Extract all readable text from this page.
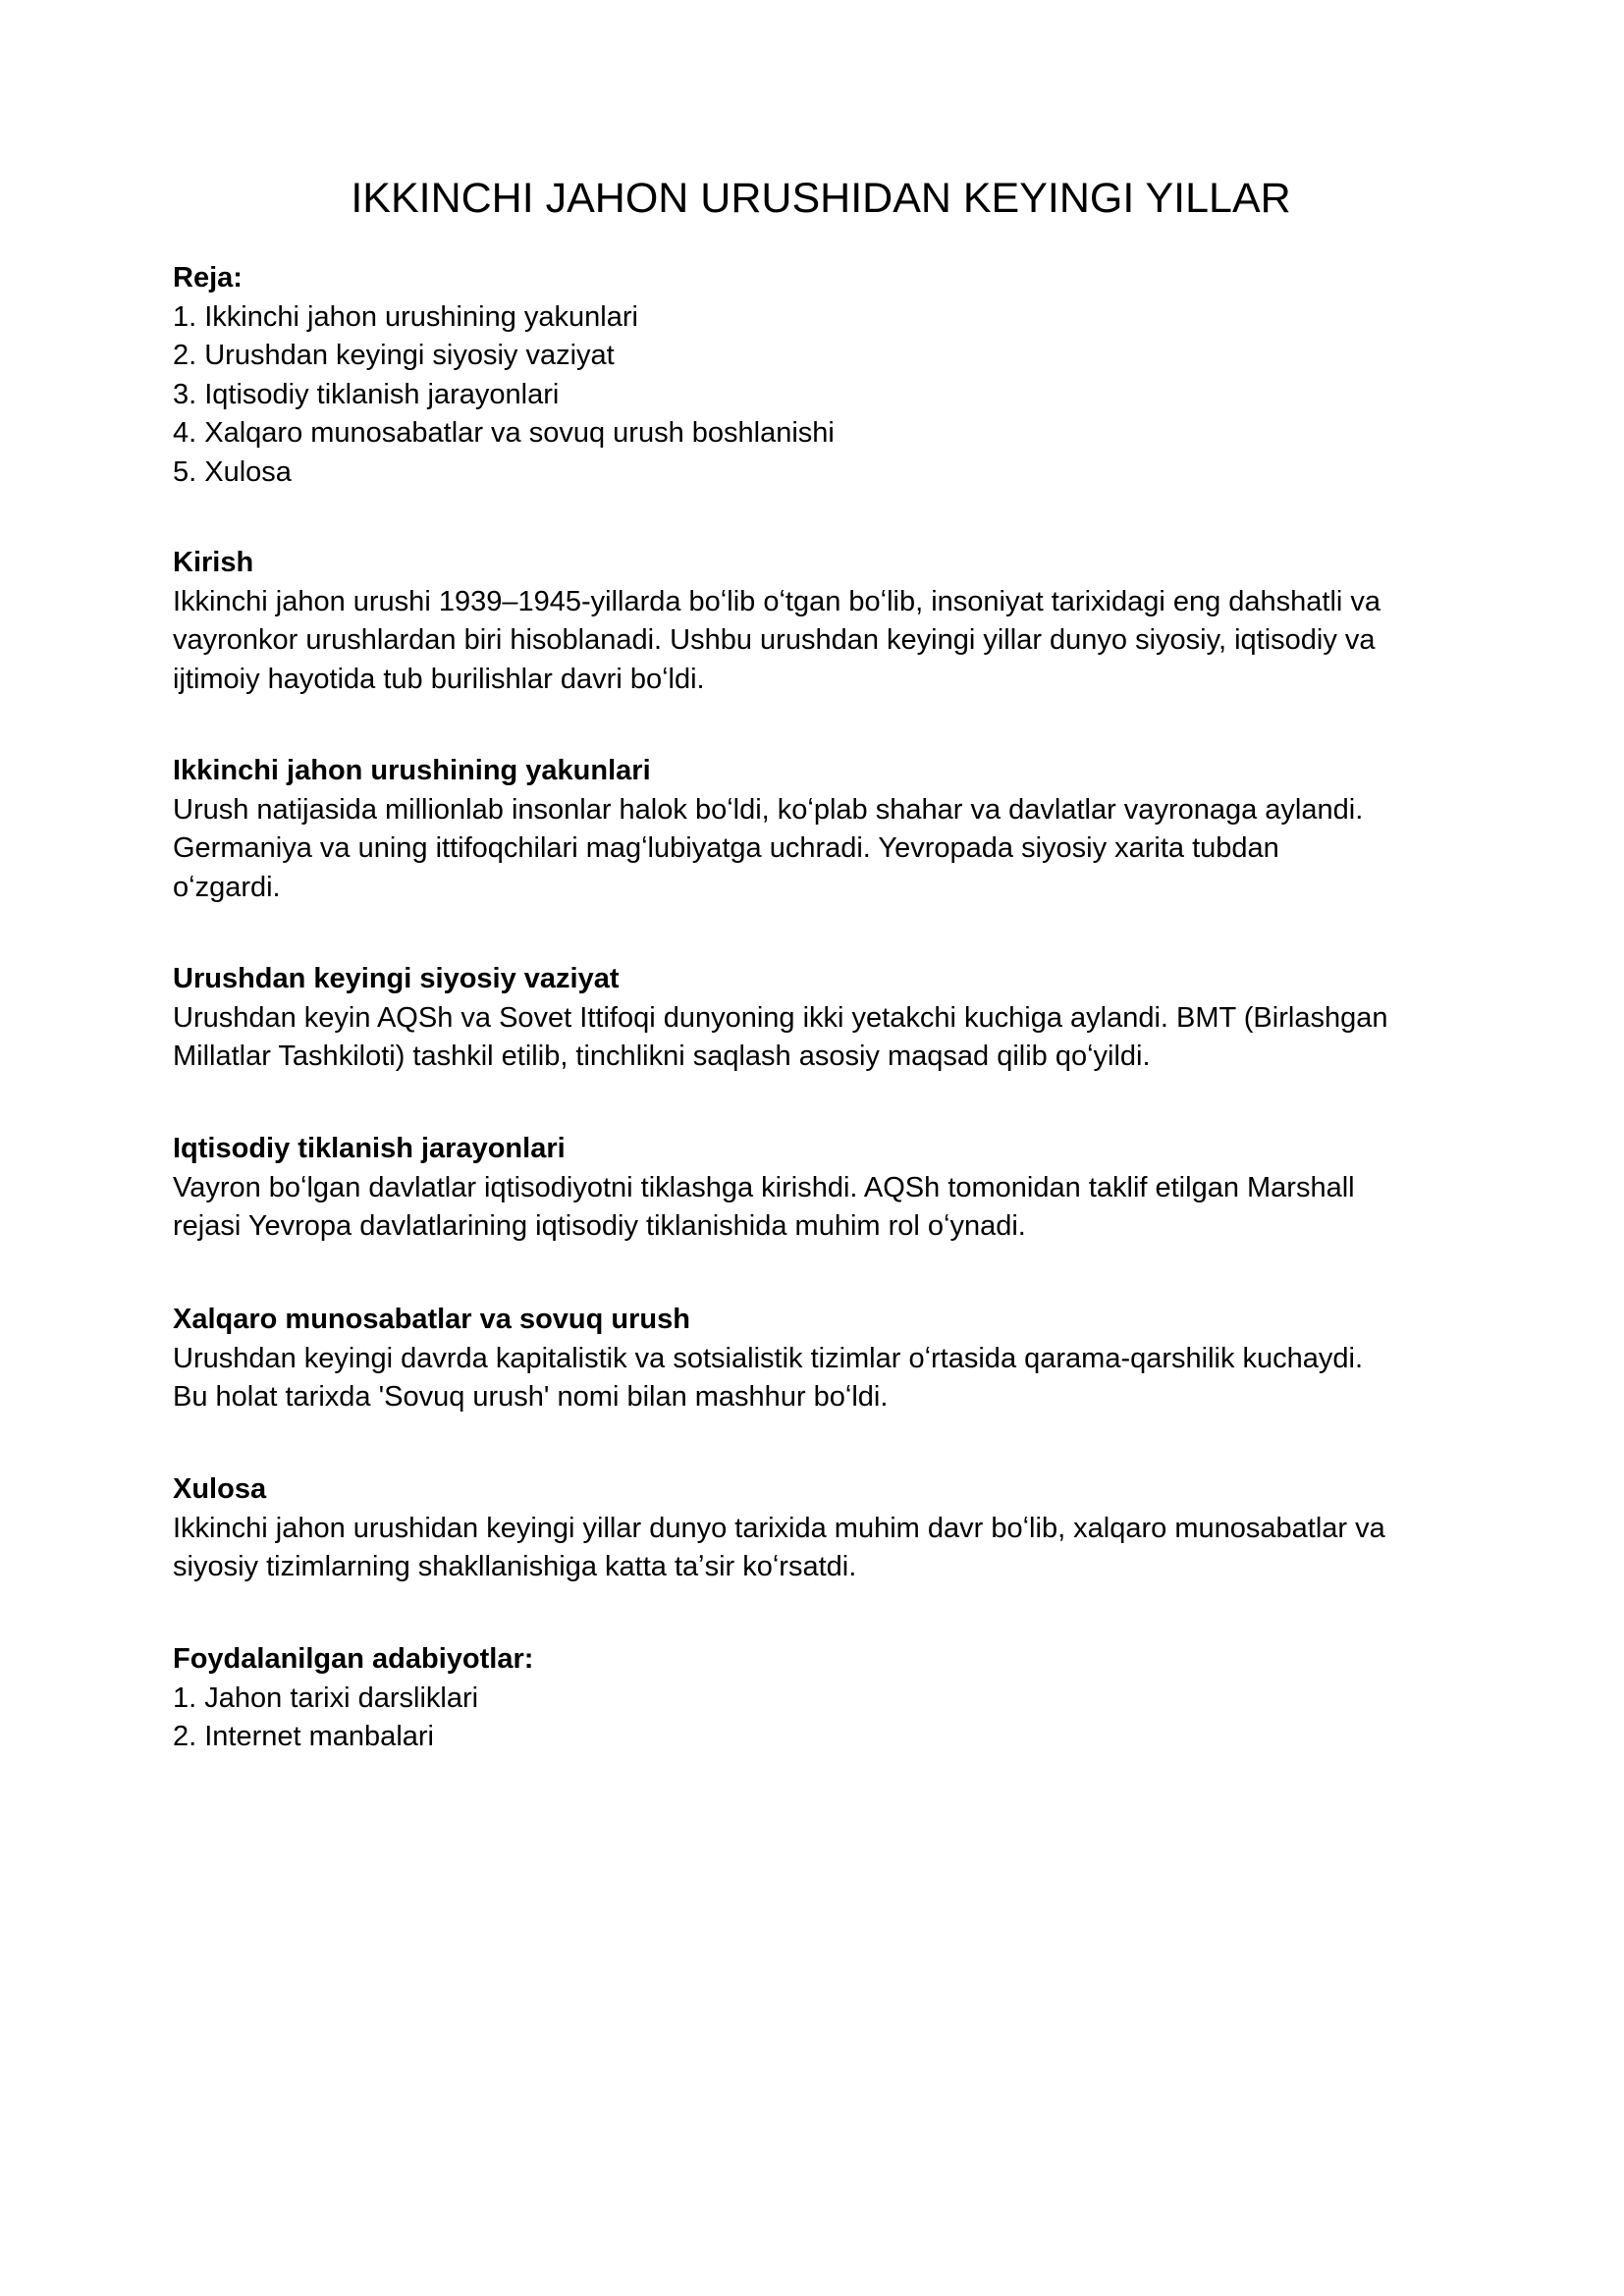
IKKINCHI JAHON URUSHIDAN KEYINGI YILLAR
Reja:
1. Ikkinchi jahon urushining yakunlari
2. Urushdan keyingi siyosiy vaziyat
3. Iqtisodiy tiklanish jarayonlari
4. Xalqaro munosabatlar va sovuq urush boshlanishi
5. Xulosa
Kirish
Ikkinchi jahon urushi 1939–1945-yillarda boʻlib oʻtgan boʻlib, insoniyat tarixidagi eng dahshatli va
vayronkor urushlardan biri hisoblanadi. Ushbu urushdan keyingi yillar dunyo siyosiy, iqtisodiy va
ijtimoiy hayotida tub burilishlar davri boʻldi.
Ikkinchi jahon urushining yakunlari
Urush natijasida millionlab insonlar halok boʻldi, koʻplab shahar va davlatlar vayronaga aylandi.
Germaniya va uning ittifoqchilari magʻlubiyatga uchradi. Yevropada siyosiy xarita tubdan
oʻzgardi.
Urushdan keyingi siyosiy vaziyat
Urushdan keyin AQSh va Sovet Ittifoqi dunyoning ikki yetakchi kuchiga aylandi. BMT (Birlashgan
Millatlar Tashkiloti) tashkil etilib, tinchlikni saqlash asosiy maqsad qilib qoʻyildi.
Iqtisodiy tiklanish jarayonlari
Vayron boʻlgan davlatlar iqtisodiyotni tiklashga kirishdi. AQSh tomonidan taklif etilgan Marshall
rejasi Yevropa davlatlarining iqtisodiy tiklanishida muhim rol oʻynadi.
Xalqaro munosabatlar va sovuq urush
Urushdan keyingi davrda kapitalistik va sotsialistik tizimlar oʻrtasida qarama-qarshilik kuchaydi.
Bu holat tarixda 'Sovuq urush' nomi bilan mashhur boʻldi.
Xulosa
Ikkinchi jahon urushidan keyingi yillar dunyo tarixida muhim davr boʻlib, xalqaro munosabatlar va
siyosiy tizimlarning shakllanishiga katta taʼsir koʻrsatdi.
Foydalanilgan adabiyotlar:
1. Jahon tarixi darsliklari
2. Internet manbalari
